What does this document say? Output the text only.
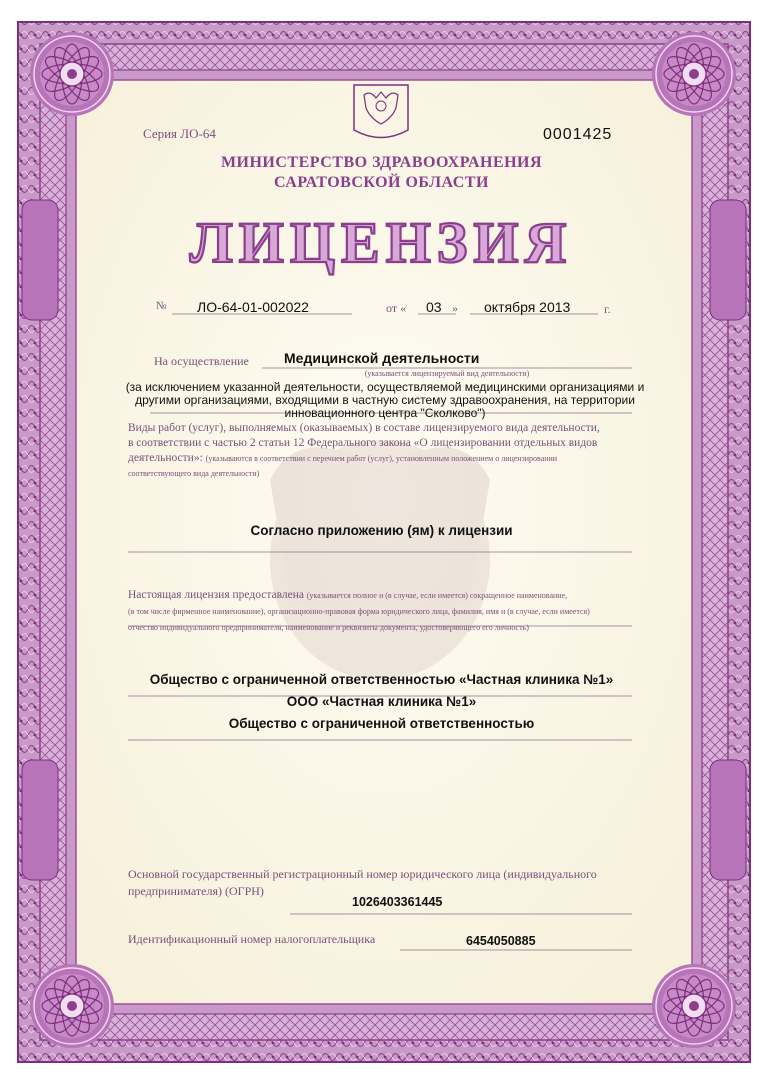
ЛИЦЕНЗИЯ
Серия ЛО-64	0001425
МИНИСТЕРСТВО ЗДРАВООХРАНЕНИЯ
САРАТОВСКОЙ ОБЛАСТИ
№ ЛО-64-01-002022	от « 03 » октября 2013	г.
На осуществление	Медицинской деятельности
(указывается лицензируемый вид деятельности)
(за исключением указанной деятельности, осуществляемой медицинскими организациями и
другими организациями, входящими в частную систему здравоохранения, на территории
инновационного центра "Сколково")
Виды работ (услуг), выполняемых (оказываемых) в составе лицензируемого вида деятельности,
в соответствии с частью 2 статьи 12 Федерального закона «О лицензировании отдельных видов
деятельности»: (указываются в соответствии с перечнем работ (услуг), установленным положением о лицензировании
соответствующего вида деятельности)
Согласно приложению (ям) к лицензии
Настоящая лицензия предоставлена (указывается полное и (в случае, если имеется) сокращенное наименование,
(в том числе фирменное наименование), организационно-правовая форма юридического лица, фамилия, имя и (в случае, если имеется)
отчество индивидуального предпринимателя, наименование и реквизиты документа, удостоверяющего его личность)
Общество с ограниченной ответственностью «Частная клиника №1»
ООО «Частная клиника №1»
Общество с ограниченной ответственностью
Основной государственный регистрационный номер юридического лица (индивидуального
предпринимателя) (ОГРН)
1026403361445
Идентификационный номер налогоплательщика	6454050885
